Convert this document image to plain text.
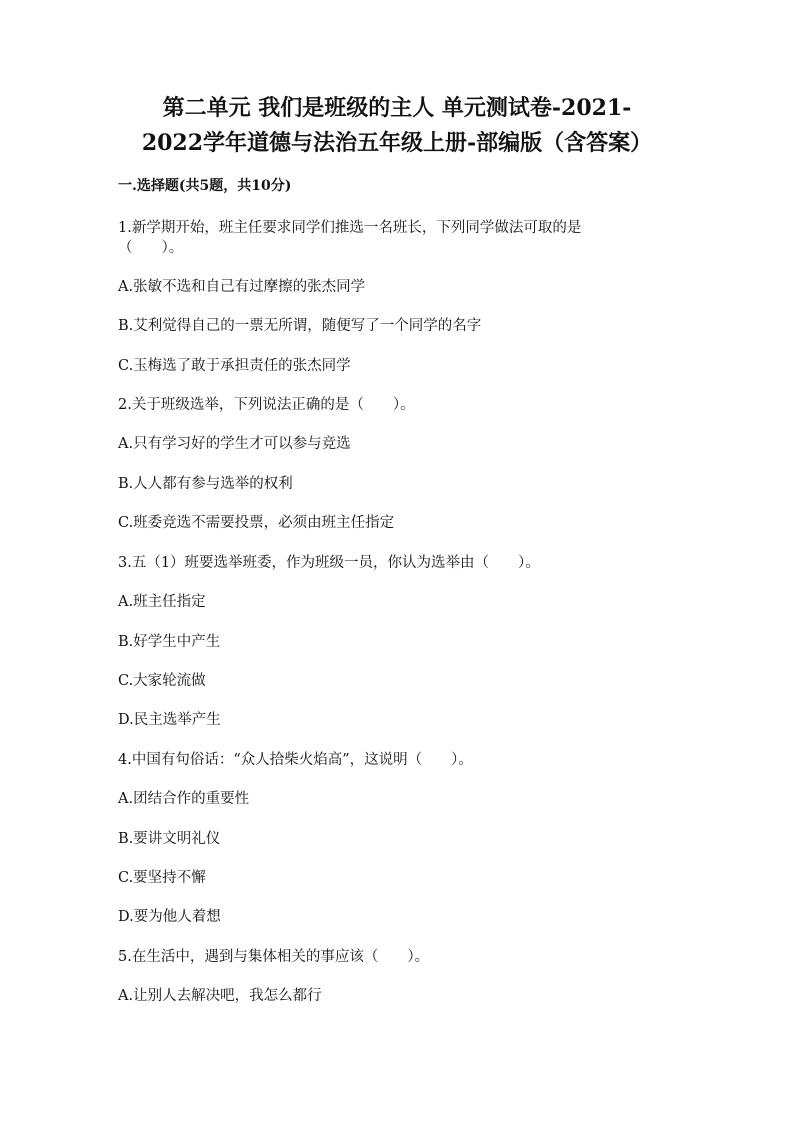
第二单元 我们是班级的主人 单元测试卷-2021-
2022学年道德与法治五年级上册-部编版（含答案）
一.选择题(共5题，共10分)
1.新学期开始，班主任要求同学们推选一名班长，下列同学做法可取的是
（　　）。
A.张敏不选和自己有过摩擦的张杰同学
B.艾利觉得自己的一票无所谓，随便写了一个同学的名字
C.玉梅选了敢于承担责任的张杰同学
2.关于班级选举，下列说法正确的是（　　）。
A.只有学习好的学生才可以参与竞选
B.人人都有参与选举的权利
C.班委竞选不需要投票，必须由班主任指定
3.五（1）班要选举班委，作为班级一员，你认为选举由（　　）。
A.班主任指定
B.好学生中产生
C.大家轮流做
D.民主选举产生
4.中国有句俗话：“众人拾柴火焰高”，这说明（　　）。
A.团结合作的重要性
B.要讲文明礼仪
C.要坚持不懈
D.要为他人着想
5.在生活中，遇到与集体相关的事应该（　　）。
A.让别人去解决吧，我怎么都行
